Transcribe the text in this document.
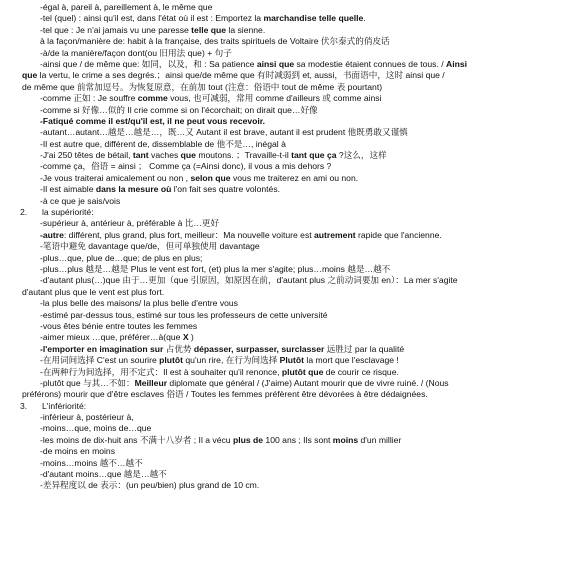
-égal à, pareil à, pareillement à, le même que
-tel (quel) : ainsi qu'il est, dans l'état où il est : Emportez la marchandise telle quelle.
-tel que : Je n'ai jamais vu une paresse telle que la sienne.
à la façon/manière de: habit à la française, des traits spirituels de Voltaire 伏尔泰式的俏皮话
-à/de la manière/façon dont(ou 旧用法 que) + 句子
-ainsi que / de même que: 如同，以及，和 : Sa patience ainsi que sa modestie étaient connues de tous. / Ainsi
que la vertu, le crime a ses degrés.；ainsi que/de même que 有时减弱到 et, aussi，书面语中，这时 ainsi que /
de même que 前常加逗号。为恢复原意，在前加 tout (注意：俗语中 tout de même 表 pourtant)
-comme 正如 : Je souffre comme vous, 也可减弱，常用 comme d'ailleurs 或 comme ainsi
-comme si 好像…似的 Il crie comme si on l'écorchait; on dirait que…好像
-Fatiqué comme il est/qu'il est, il ne peut vous recevoir.
-autant…autant…越是…越是…，既…又 Autant il est brave, autant il est prudent 他既勇敢又谨慎
-Il est autre que, différent de, dissemblable de 他不是…, inégal à
-J'ai 250 têtes de bétail, tant vaches que moutons. ；Travaille-t-il tant que ça ?这么，这样
-comme ça，俗语 = ainsi ； Comme ça (=Ainsi donc), il vous a mis dehors ?
-Je vous traiterai amicalement ou non , selon que vous me traiterez en ami ou non.
-Il est aimable dans la mesure où l'on fait ses quatre volontés.
-à ce que je sais/vois
2. la supériorité:
-supérieur à, antérieur à, préférable à 比…更好
-autre: différent, plus grand, plus fort, meilleur：Ma nouvelle voiture est autrement rapide que l'ancienne.
-笔语中避免 davantage que/de，但可单独使用 davantage
-plus…que, plue de…que; de plus en plus;
-plus…plus 越是…越是 Plus le vent est fort, (et) plus la mer s'agite; plus…moins 越是…越不
-d'autant plus(…)que 由于…更加（que 引原因，如原因在前，d'autant plus 之前动词要加 en）：La mer s'agite
d'autant plus que le vent est plus fort.
-la plus belle des maisons/ la plus belle d'entre vous
-estimé par-dessus tous, estimé sur tous les professeurs de cette université
-vous êtes bénie entre toutes les femmes
-aimer mieux …que, préférer…à(que X )
-l'emporter en imagination sur 占优势 dépasser, surpasser, surclasser 远胜过 par la qualité
-在用词间选择 C'est un sourire plutôt qu'un rire, 在行为间选择 Plutôt la mort que l'esclavage !
-在两种行为间选择，用不定式：Il est à souhaiter qu'il renonce, plutôt que de courir ce risque.
-plutôt que 与其…不如：Meilleur diplomate que général / (J'aime) Autant mourir que de vivre ruiné. / (Nous
préférons) mourir que d'être esclaves 俗语 / Toutes les femmes préfèrent être dévorées à être dédaignées.
3. L'infériorité:
-inférieur à, postérieur à,
-moins…que, moins de…que
-les moins de dix-huit ans 不满十八岁者 ; Il a vécu plus de 100 ans ; Ils sont moins d'un millier
-de moins en moins
-moins…moins 越不…越不
-d'autant moins…que 越是…越不
-差异程度以 de 表示：(un peu/bien) plus grand de 10 cm.
